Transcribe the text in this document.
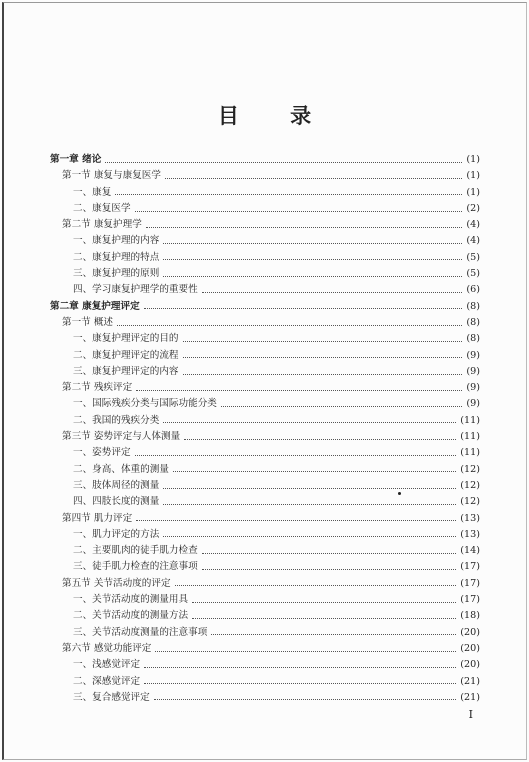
目 录
第一章 绪论	(1)
第一节 康复与康复医学	(1)
一、康复	(1)
二、康复医学	(2)
第二节 康复护理学	(4)
一、康复护理的内容	(4)
二、康复护理的特点	(5)
三、康复护理的原则	(5)
四、学习康复护理学的重要性	(6)
第二章 康复护理评定	(8)
第一节 概述	(8)
一、康复护理评定的目的	(8)
二、康复护理评定的流程	(9)
三、康复护理评定的内容	(9)
第二节 残疾评定	(9)
一、国际残疾分类与国际功能分类	(9)
二、我国的残疾分类	(11)
第三节 姿势评定与人体测量	(11)
一、姿势评定	(11)
二、身高、体重的测量	(12)
三、肢体周径的测量	(12)
四、四肢长度的测量	(12)
第四节 肌力评定	(13)
一、肌力评定的方法	(13)
二、主要肌肉的徒手肌力检查	(14)
三、徒手肌力检查的注意事项	(17)
第五节 关节活动度的评定	(17)
一、关节活动度的测量用具	(17)
二、关节活动度的测量方法	(18)
三、关节活动度测量的注意事项	(20)
第六节 感觉功能评定	(20)
一、浅感觉评定	(20)
二、深感觉评定	(21)
三、复合感觉评定	(21)
I
